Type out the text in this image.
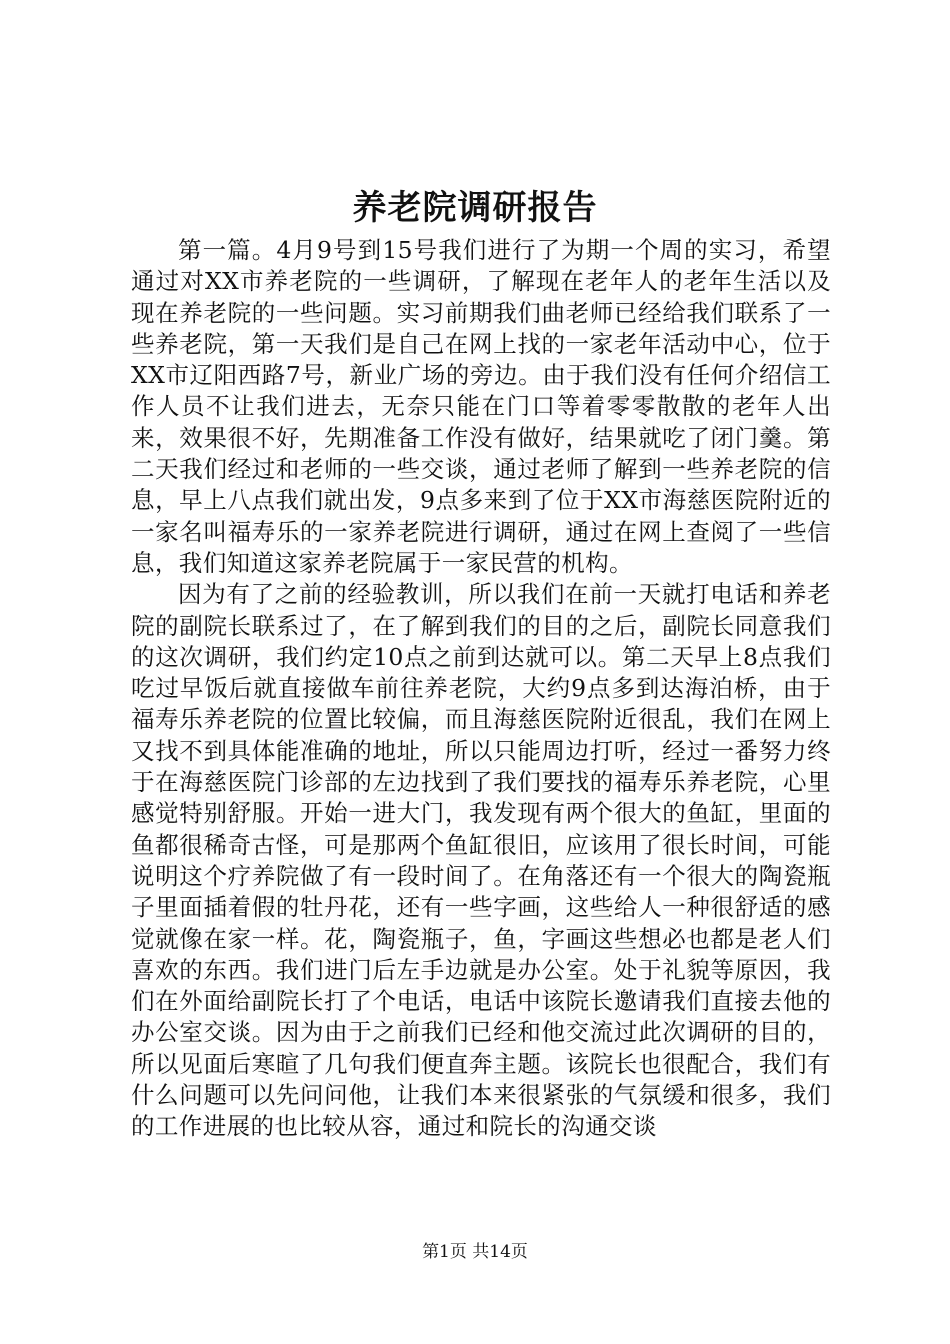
养老院调研报告

第一篇。4月9号到15号我们进行了为期一个周的实习，希望通过对XX市养老院的一些调研，了解现在老年人的老年生活以及现在养老院的一些问题。实习前期我们曲老师已经给我们联系了一些养老院，第一天我们是自己在网上找的一家老年活动中心，位于XX市辽阳西路7号，新业广场的旁边。由于我们没有任何介绍信工作人员不让我们进去，无奈只能在门口等着零零散散的老年人出来，效果很不好，先期准备工作没有做好，结果就吃了闭门羹。第二天我们经过和老师的一些交谈，通过老师了解到一些养老院的信息，早上八点我们就出发，9点多来到了位于XX市海慈医院附近的一家名叫福寿乐的一家养老院进行调研，通过在网上查阅了一些信息，我们知道这家养老院属于一家民营的机构。

因为有了之前的经验教训，所以我们在前一天就打电话和养老院的副院长联系过了，在了解到我们的目的之后，副院长同意我们的这次调研，我们约定10点之前到达就可以。第二天早上8点我们吃过早饭后就直接做车前往养老院，大约9点多到达海泊桥，由于福寿乐养老院的位置比较偏，而且海慈医院附近很乱，我们在网上又找不到具体能准确的地址，所以只能周边打听，经过一番努力终于在海慈医院门诊部的左边找到了我们要找的福寿乐养老院，心里感觉特别舒服。开始一进大门，我发现有两个很大的鱼缸，里面的鱼都很稀奇古怪，可是那两个鱼缸很旧，应该用了很长时间，可能说明这个疗养院做了有一段时间了。在角落还有一个很大的陶瓷瓶子里面插着假的牡丹花，还有一些字画，这些给人一种很舒适的感觉就像在家一样。花，陶瓷瓶子，鱼，字画这些想必也都是老人们喜欢的东西。我们进门后左手边就是办公室。处于礼貌等原因，我们在外面给副院长打了个电话，电话中该院长邀请我们直接去他的办公室交谈。因为由于之前我们已经和他交流过此次调研的目的，所以见面后寒暄了几句我们便直奔主题。该院长也很配合，我们有什么问题可以先问问他，让我们本来很紧张的气氛缓和很多，我们的工作进展的也比较从容，通过和院长的沟通交谈

第1页 共14页
